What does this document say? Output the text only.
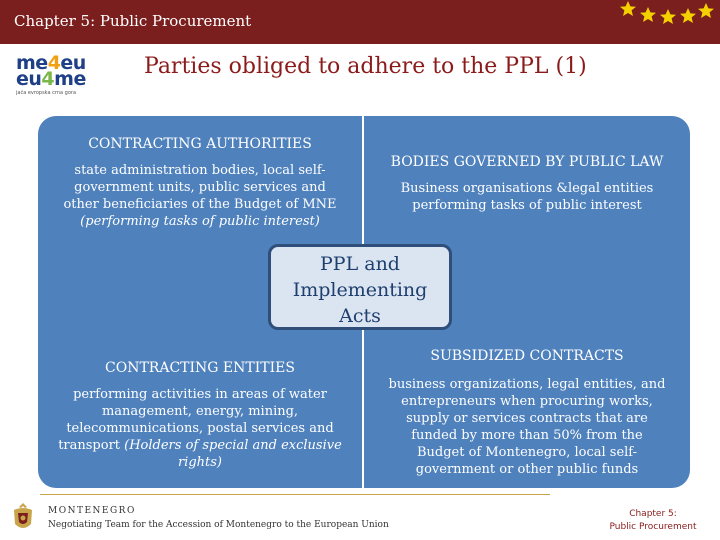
Chapter 5: Public Procurement
me4eu
eu4me
jača evropska crna gora
Parties obliged to adhere to the PPL (1)
CONTRACTING AUTHORITIES
state administration bodies, local self-
government units, public services and
other beneficiaries of the Budget of MNE
(performing tasks of public interest)
BODIES GOVERNED BY PUBLIC LAW
Business organisations &legal entities
performing tasks of public interest
CONTRACTING ENTITIES
performing activities in areas of water
management, energy, mining,
telecommunications, postal services and
transport (Holders of special and exclusive
rights)
SUBSIDIZED CONTRACTS
business organizations, legal entities, and
entrepreneurs when procuring works,
supply or services contracts that are
funded by more than 50% from the
Budget of Montenegro, local self-
government or other public funds
PPL and
Implementing
Acts
MONTENEGRO
Negotiating Team for the Accession of Montenegro to the European Union
Chapter 5:
Public Procurement
